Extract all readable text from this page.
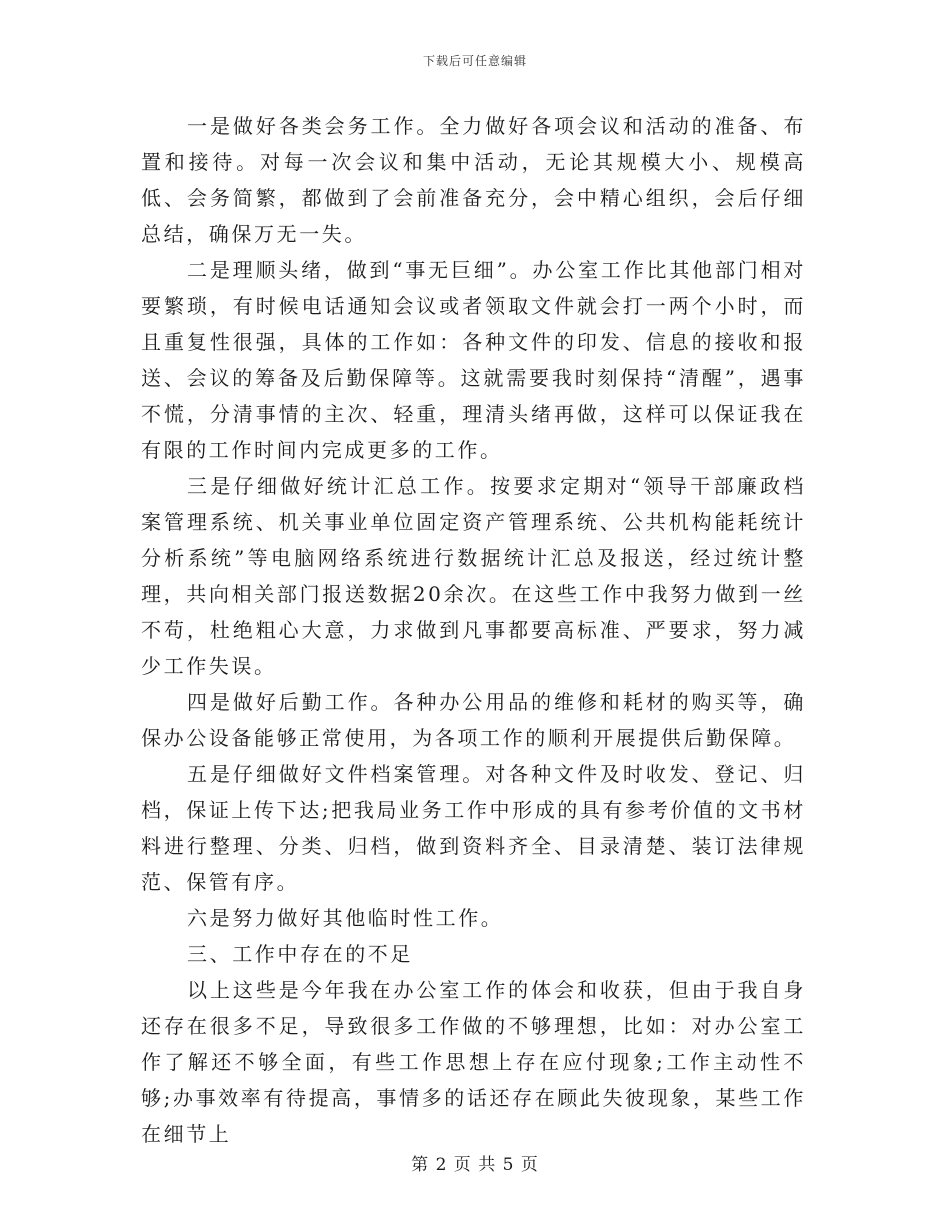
下载后可任意编辑

一是做好各类会务工作。全力做好各项会议和活动的准备、布置和接待。对每一次会议和集中活动，无论其规模大小、规模高低、会务简繁，都做到了会前准备充分，会中精心组织，会后仔细总结，确保万无一失。

二是理顺头绪，做到“事无巨细”。办公室工作比其他部门相对要繁琐，有时候电话通知会议或者领取文件就会打一两个小时，而且重复性很强，具体的工作如：各种文件的印发、信息的接收和报送、会议的筹备及后勤保障等。这就需要我时刻保持“清醒”，遇事不慌，分清事情的主次、轻重，理清头绪再做，这样可以保证我在有限的工作时间内完成更多的工作。

三是仔细做好统计汇总工作。按要求定期对“领导干部廉政档案管理系统、机关事业单位固定资产管理系统、公共机构能耗统计分析系统”等电脑网络系统进行数据统计汇总及报送，经过统计整理，共向相关部门报送数据20余次。在这些工作中我努力做到一丝不苟，杜绝粗心大意，力求做到凡事都要高标准、严要求，努力减少工作失误。

四是做好后勤工作。各种办公用品的维修和耗材的购买等，确保办公设备能够正常使用，为各项工作的顺利开展提供后勤保障。

五是仔细做好文件档案管理。对各种文件及时收发、登记、归档，保证上传下达;把我局业务工作中形成的具有参考价值的文书材料进行整理、分类、归档，做到资料齐全、目录清楚、装订法律规范、保管有序。

六是努力做好其他临时性工作。

三、工作中存在的不足

以上这些是今年我在办公室工作的体会和收获，但由于我自身还存在很多不足，导致很多工作做的不够理想，比如：对办公室工作了解还不够全面，有些工作思想上存在应付现象;工作主动性不够;办事效率有待提高，事情多的话还存在顾此失彼现象，某些工作在细节上

第 2 页 共 5 页
